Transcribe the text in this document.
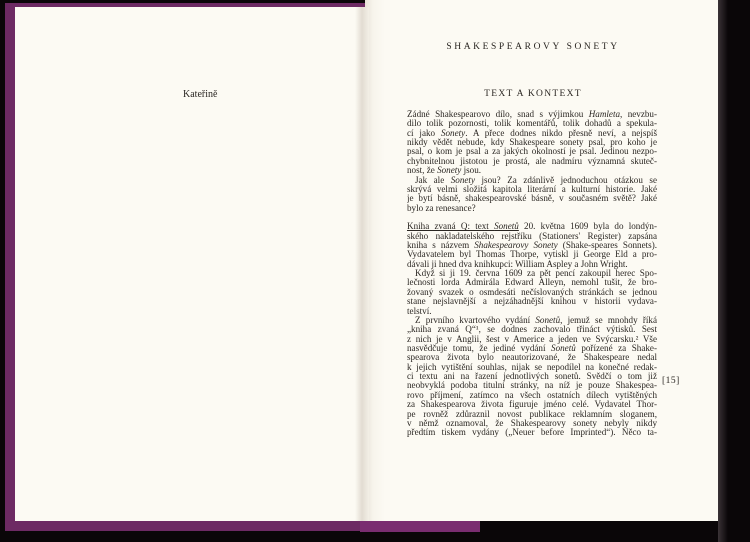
Kateřině
SHAKESPEAROVY SONETY
TEXT A KONTEXT
Žádné Shakespearovo dílo, snad s výjimkou Hamleta, nevzbu-
dilo tolik pozornosti, tolik komentářů, tolik dohadů a spekula-
cí jako Sonety. A přece dodnes nikdo přesně neví, a nejspíš
nikdy vědět nebude, kdy Shakespeare sonety psal, pro koho je
psal, o kom je psal a za jakých okolností je psal. Jedinou nezpo-
chybnitelnou jistotou je prostá, ale nadmíru významná skuteč-
nost, že Sonety jsou.
Jak ale Sonety jsou? Za zdánlivě jednoduchou otázkou se
skrývá velmi složitá kapitola literární a kulturní historie. Jaké
je bytí básně, shakespearovské básně, v současném světě? Jaké
bylo za renesance?
Kniha zvaná Q: text Sonetů 20. května 1609 byla do londýn-
ského nakladatelského rejstříku (Stationers' Register) zapsána
kniha s názvem Shakespearovy Sonety (Shake-speares Sonnets).
Vydavatelem byl Thomas Thorpe, vytiskl ji George Eld a pro-
dávali ji hned dva knihkupci: William Aspley a John Wright.
Když si ji 19. června 1609 za pět pencí zakoupil herec Spo-
lečnosti lorda Admirála Edward Alleyn, nemohl tušit, že bro-
žovaný svazek o osmdesáti nečíslovaných stránkách se jednou
stane nejslavnější a nejzáhadnější knihou v historii vydava-
telství.
Z prvního kvartového vydání Sonetů, jemuž se mnohdy říká
„kniha zvaná Q“¹, se dodnes zachovalo třináct výtisků. Šest
z nich je v Anglii, šest v Americe a jeden ve Švýcarsku.² Vše
nasvědčuje tomu, že jediné vydání Sonetů pořízené za Shake-
spearova života bylo neautorizované, že Shakespeare nedal
k jejich vytištění souhlas, nijak se nepodílel na konečné redak-
ci textu ani na řazení jednotlivých sonetů. Svědčí o tom již
neobvyklá podoba titulní stránky, na níž je pouze Shakespea-
rovo příjmení, zatímco na všech ostatních dílech vytištěných
za Shakespearova života figuruje jméno celé. Vydavatel Thor-
pe rovněž zdůraznil novost publikace reklamním sloganem,
v němž oznamoval, že Shakespearovy sonety nebyly nikdy
předtím tiskem vydány („Neuer before Imprinted“). Něco ta-
[15]
